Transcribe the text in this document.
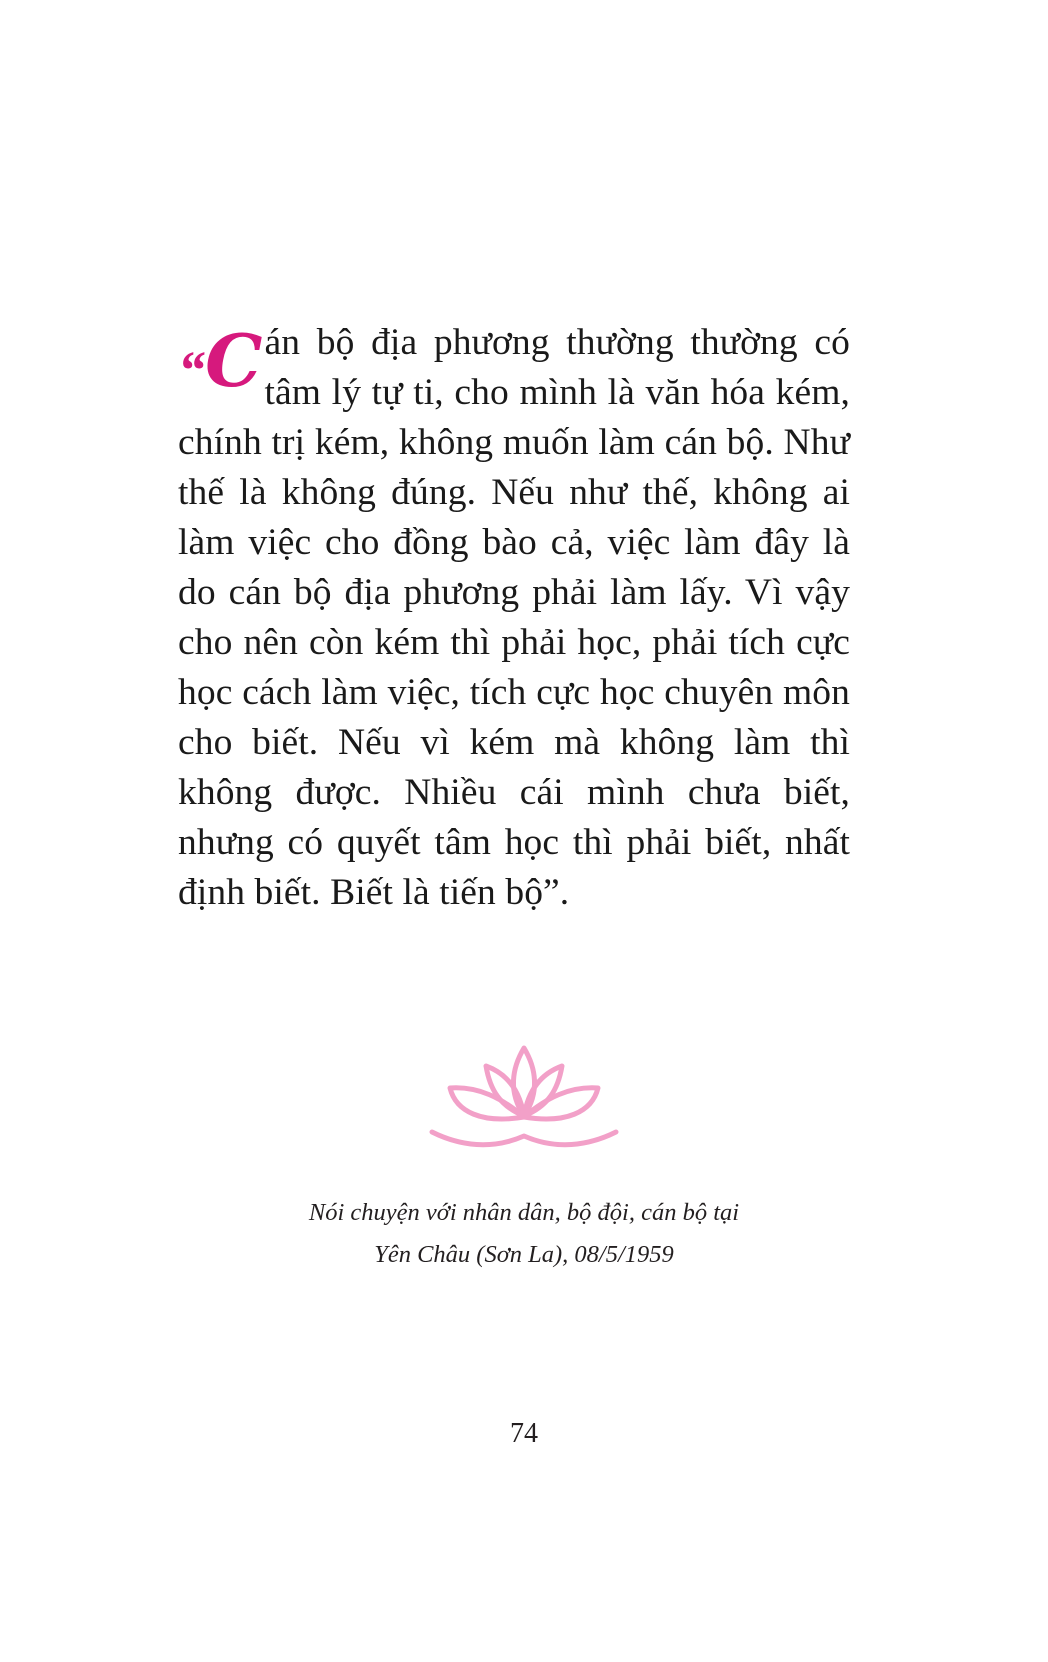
“C án bộ địa phương thường thường có tâm lý tự ti, cho mình là văn hóa kém, chính trị kém, không muốn làm cán bộ. Như thế là không đúng. Nếu như thế, không ai làm việc cho đồng bào cả, việc làm đây là do cán bộ địa phương phải làm lấy. Vì vậy cho nên còn kém thì phải học, phải tích cực học cách làm việc, tích cực học chuyên môn cho biết. Nếu vì kém mà không làm thì không được. Nhiều cái mình chưa biết, nhưng có quyết tâm học thì phải biết, nhất định biết. Biết là tiến bộ”.

Nói chuyện với nhân dân, bộ đội, cán bộ tại
Yên Châu (Sơn La), 08/5/1959
74
